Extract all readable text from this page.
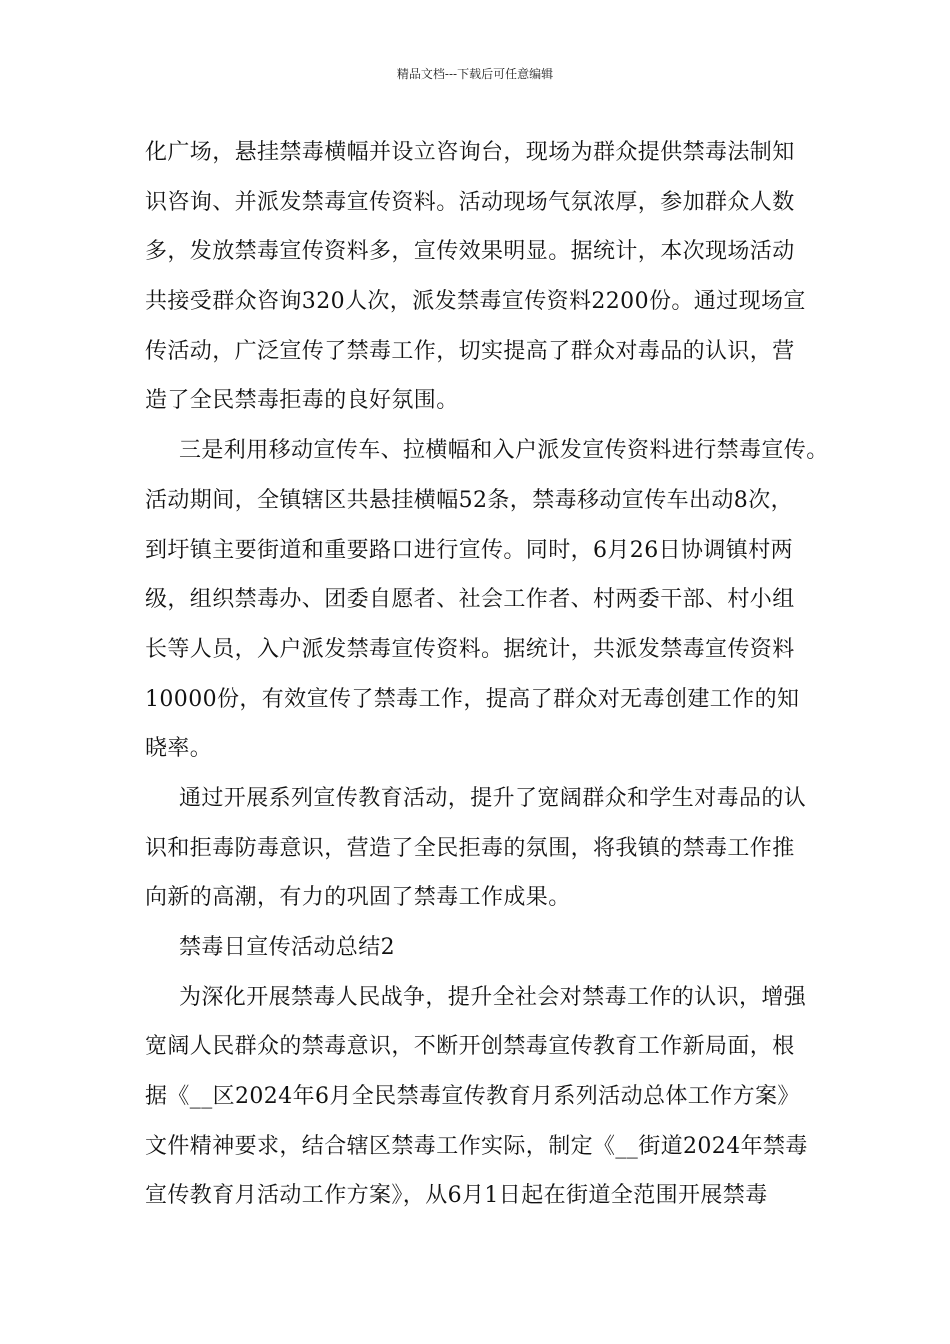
精品文档---下载后可任意编辑
化广场，悬挂禁毒横幅并设立咨询台，现场为群众提供禁毒法制知
识咨询、并派发禁毒宣传资料。活动现场气氛浓厚，参加群众人数
多，发放禁毒宣传资料多，宣传效果明显。据统计，本次现场活动
共接受群众咨询320人次，派发禁毒宣传资料2200份。通过现场宣
传活动，广泛宣传了禁毒工作，切实提高了群众对毒品的认识，营
造了全民禁毒拒毒的良好氛围。
三是利用移动宣传车、拉横幅和入户派发宣传资料进行禁毒宣传。
活动期间，全镇辖区共悬挂横幅52条，禁毒移动宣传车出动8次，
到圩镇主要街道和重要路口进行宣传。同时，6月26日协调镇村两
级，组织禁毒办、团委自愿者、社会工作者、村两委干部、村小组
长等人员，入户派发禁毒宣传资料。据统计，共派发禁毒宣传资料
10000份，有效宣传了禁毒工作，提高了群众对无毒创建工作的知
晓率。
通过开展系列宣传教育活动，提升了宽阔群众和学生对毒品的认
识和拒毒防毒意识，营造了全民拒毒的氛围，将我镇的禁毒工作推
向新的高潮，有力的巩固了禁毒工作成果。
禁毒日宣传活动总结2
为深化开展禁毒人民战争，提升全社会对禁毒工作的认识，增强
宽阔人民群众的禁毒意识，不断开创禁毒宣传教育工作新局面，根
据《__区2024年6月全民禁毒宣传教育月系列活动总体工作方案》
文件精神要求，结合辖区禁毒工作实际，制定《__街道2024年禁毒
宣传教育月活动工作方案》，从6月1日起在街道全范围开展禁毒
